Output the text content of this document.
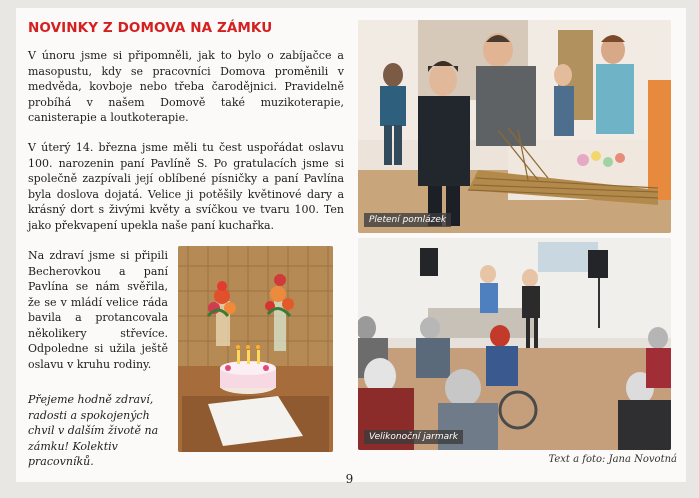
NOVINKY Z DOMOVA NA ZÁMKU

V únoru jsme si připomněli, jak to bylo o zabíjačce a masopustu, kdy se pracovníci Domova proměnili v medvěda, kovboje nebo třeba čarodějnici. Pravidelně probíhá v našem Domově také muzikoterapie, canisterapie a loutkoterapie.

V úterý 14. března jsme měli tu čest uspořádat oslavu 100. narozenin paní Pavlíně S. Po gratulacích jsme si společně zazpívali její oblíbené písničky a paní Pavlína byla doslova dojatá. Velice ji potěšily květinové dary a krásný dort s živými květy a svíčkou ve tvaru 100. Ten jako překvapení upekla naše paní kuchařka.

Na zdraví jsme si připili Becherovkou a paní Pavlína se nám svěřila, že se v mládí velice ráda bavila a protancovala několikery střevíce. Odpoledne si užila ještě oslavu v kruhu rodiny.

Přejeme hodně zdraví, radosti a spokojených chvil v dalším životě na zámku! Kolektiv pracovníků.

Pletení pomlázek
Velikonoční jarmark
Text a foto: Jana Novotná
9
